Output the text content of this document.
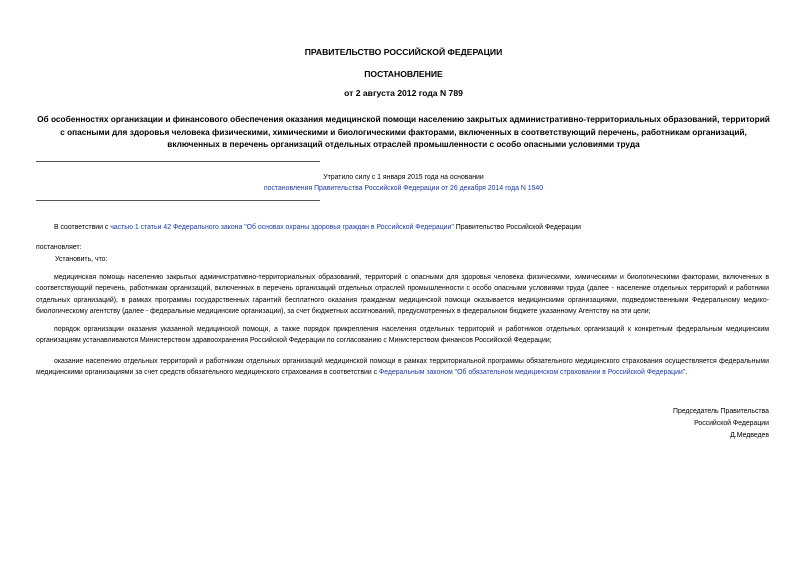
ПРАВИТЕЛЬСТВО РОССИЙСКОЙ ФЕДЕРАЦИИ
ПОСТАНОВЛЕНИЕ
от 2 августа 2012 года N 789
Об особенностях организации и финансового обеспечения оказания медицинской помощи населению закрытых административно-территориальных образований, территорий с опасными для здоровья человека физическими, химическими и биологическими факторами, включенных в соответствующий перечень, работникам организаций, включенных в перечень организаций отдельных отраслей промышленности с особо опасными условиями труда
Утратило силу с 1 января 2015 года на основании
постановления Правительства Российской Федерации от 26 декабря 2014 года N 1540
В соответствии с частью 1 статьи 42 Федерального закона "Об основах охраны здоровья граждан в Российской Федерации" Правительство Российской Федерации
постановляет:
Установить, что:
медицинская помощь населению закрытых административно-территориальных образований, территорий с опасными для здоровья человека физическими, химическими и биологическими факторами, включенных в соответствующий перечень, работникам организаций, включенных в перечень организаций отдельных отраслей промышленности с особо опасными условиями труда (далее - население отдельных территорий и работники отдельных организаций), в рамках программы государственных гарантий бесплатного оказания гражданам медицинской помощи оказывается медицинскими организациями, подведомственными Федеральному медико-биологическому агентству (далее - федеральные медицинские организации), за счет бюджетных ассигнований, предусмотренных в федеральном бюджете указанному Агентству на эти цели;
порядок организации оказания указанной медицинской помощи, а также порядок прикрепления населения отдельных территорий и работников отдельных организаций к конкретным федеральным медицинским организациям устанавливаются Министерством здравоохранения Российской Федерации по согласованию с Министерством финансов Российской Федерации;
оказание населению отдельных территорий и работникам отдельных организаций медицинской помощи в рамках территориальной программы обязательного медицинского страхования осуществляется федеральными медицинскими организациями за счет средств обязательного медицинского страхования в соответствии с Федеральным законом "Об обязательном медицинском страховании в Российской Федерации".
Председатель Правительства
Российской Федерации
Д.Медведев
